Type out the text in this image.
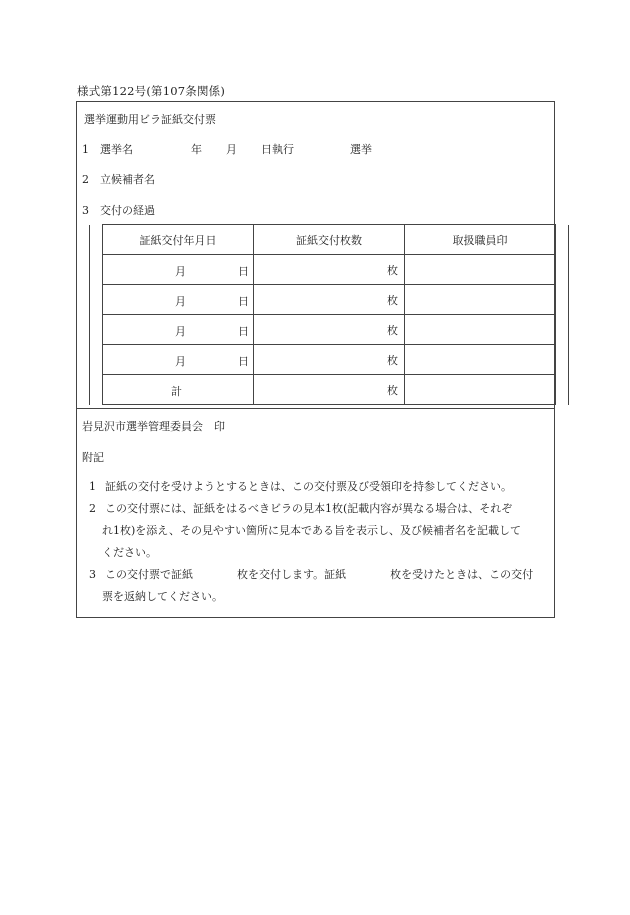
様式第122号(第107条関係)
選挙運動用ビラ証紙交付票
1 選挙名	年 月 日執行	選挙
2 立候補者名
3 交付の経過
	証紙交付年月日	証紙交付枚数	取扱職員印	

	月 日	枚		

	月 日	枚		

	月 日	枚		

	月 日	枚		

	計	枚		
岩見沢市選挙管理委員会　印
附記
1 証紙の交付を受けようとするときは、この交付票及び受領印を持参してください。
2 この交付票には、証紙をはるべきビラの見本1枚(記載内容が異なる場合は、それぞ
れ1枚)を添え、その見やすい箇所に見本である旨を表示し、及び候補者名を記載して
ください。
3 この交付票で証紙	枚を交付します。証紙	枚を受けたときは、この交付
票を返納してください。
